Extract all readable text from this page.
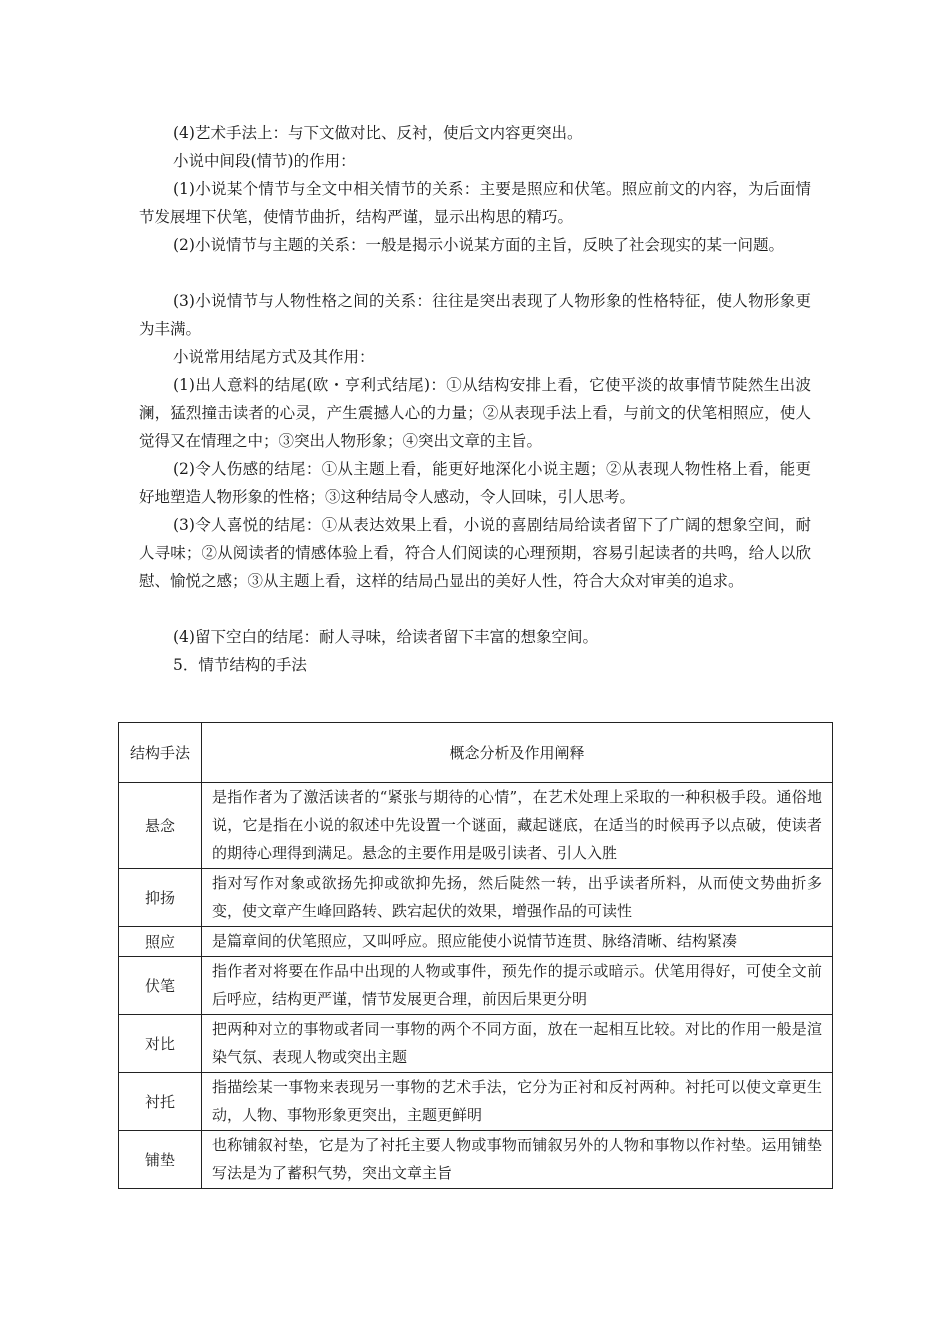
(4)艺术手法上：与下文做对比、反衬，使后文内容更突出。

小说中间段(情节)的作用：

(1)小说某个情节与全文中相关情节的关系：主要是照应和伏笔。照应前文的内容，为后面情节发展埋下伏笔，使情节曲折，结构严谨，显示出构思的精巧。

(2)小说情节与主题的关系：一般是揭示小说某方面的主旨，反映了社会现实的某一问题。

(3)小说情节与人物性格之间的关系：往往是突出表现了人物形象的性格特征，使人物形象更为丰满。

小说常用结尾方式及其作用：

(1)出人意料的结尾(欧・亨利式结尾)：①从结构安排上看，它使平淡的故事情节陡然生出波澜，猛烈撞击读者的心灵，产生震撼人心的力量；②从表现手法上看，与前文的伏笔相照应，使人觉得又在情理之中；③突出人物形象；④突出文章的主旨。

(2)令人伤感的结尾：①从主题上看，能更好地深化小说主题；②从表现人物性格上看，能更好地塑造人物形象的性格；③这种结局令人感动，令人回味，引人思考。

(3)令人喜悦的结尾：①从表达效果上看，小说的喜剧结局给读者留下了广阔的想象空间，耐人寻味；②从阅读者的情感体验上看，符合人们阅读的心理预期，容易引起读者的共鸣，给人以欣慰、愉悦之感；③从主题上看，这样的结局凸显出的美好人性，符合大众对审美的追求。

(4)留下空白的结尾：耐人寻味，给读者留下丰富的想象空间。

5．情节结构的手法

结构手法	概念分析及作用阐释
悬念	是指作者为了激活读者的“紧张与期待的心情”，在艺术处理上采取的一种积极手段。通俗地说，它是指在小说的叙述中先设置一个谜面，藏起谜底，在适当的时候再予以点破，使读者的期待心理得到满足。悬念的主要作用是吸引读者、引人入胜
抑扬	指对写作对象或欲扬先抑或欲抑先扬，然后陡然一转，出乎读者所料，从而使文势曲折多变，使文章产生峰回路转、跌宕起伏的效果，增强作品的可读性
照应	是篇章间的伏笔照应，又叫呼应。照应能使小说情节连贯、脉络清晰、结构紧凑
伏笔	指作者对将要在作品中出现的人物或事件，预先作的提示或暗示。伏笔用得好，可使全文前后呼应，结构更严谨，情节发展更合理，前因后果更分明
对比	把两种对立的事物或者同一事物的两个不同方面，放在一起相互比较。对比的作用一般是渲染气氛、表现人物或突出主题
衬托	指描绘某一事物来表现另一事物的艺术手法，它分为正衬和反衬两种。衬托可以使文章更生动，人物、事物形象更突出，主题更鲜明
铺垫	也称铺叙衬垫，它是为了衬托主要人物或事物而铺叙另外的人物和事物以作衬垫。运用铺垫写法是为了蓄积气势，突出文章主旨
